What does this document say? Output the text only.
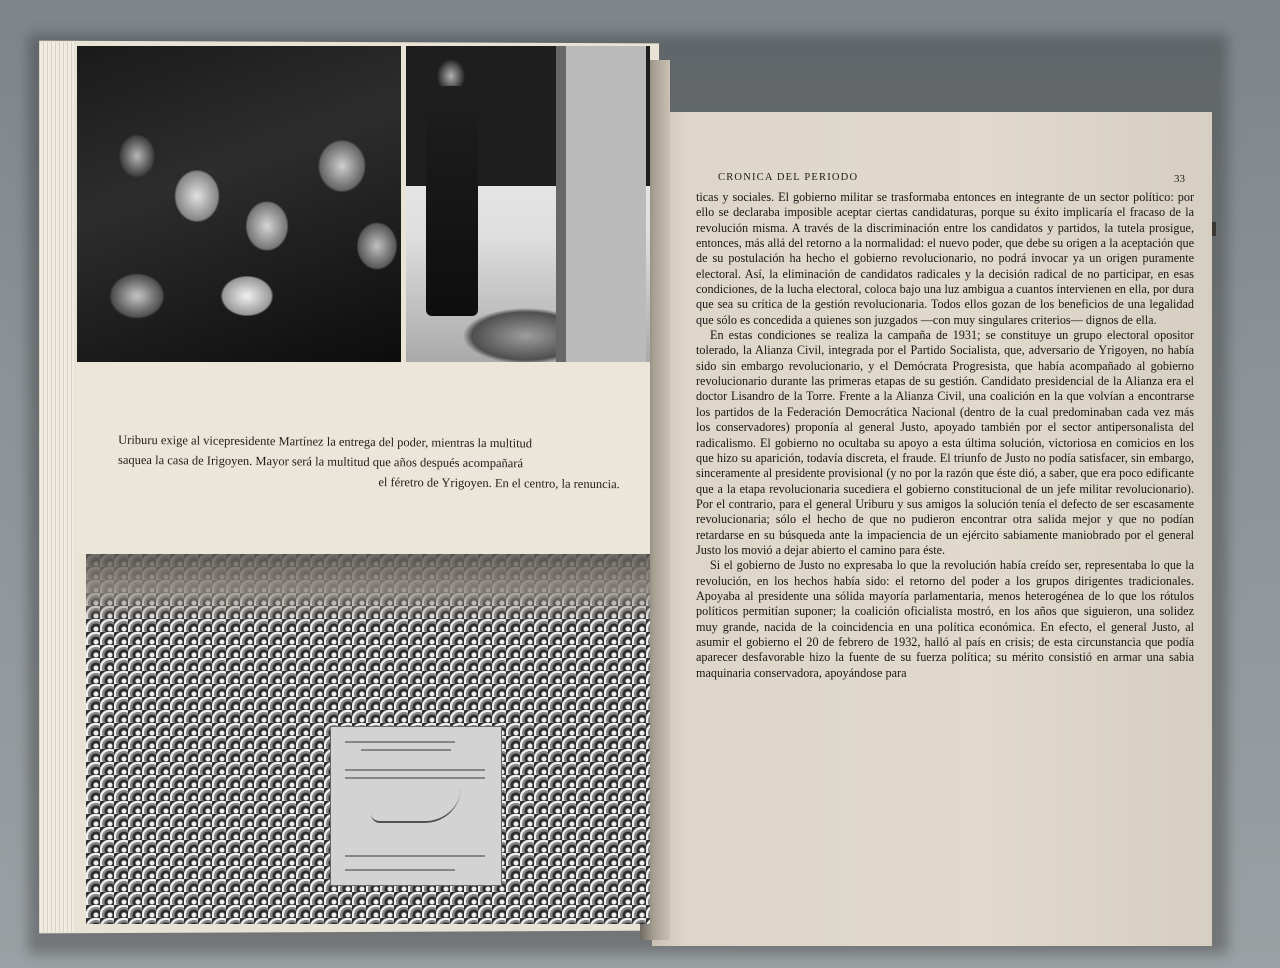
Uriburu exige al vicepresidente Martínez la entrega del poder, mientras la multitud

saquea la casa de Irigoyen. Mayor será la multitud que años después acompañará

el féretro de Yrigoyen. En el centro, la renuncia.

CRONICA DEL PERIODO	33

ticas y sociales. El gobierno militar se trasformaba entonces en integrante de un sector político: por ello se declaraba imposible aceptar ciertas candidaturas, porque su éxito implicaría el fracaso de la revolución misma. A través de la discriminación entre los candidatos y partidos, la tutela prosigue, entonces, más allá del retorno a la normalidad: el nuevo poder, que debe su origen a la aceptación que de su postulación ha hecho el gobierno revolucionario, no podrá invocar ya un origen puramente electoral. Así, la eliminación de candidatos radicales y la decisión radical de no participar, en esas condiciones, de la lucha electoral, coloca bajo una luz ambigua a cuantos intervienen en ella, por dura que sea su crítica de la gestión revolucionaria. Todos ellos gozan de los beneficios de una legalidad que sólo es concedida a quienes son juzgados —con muy singulares criterios— dignos de ella.

En estas condiciones se realiza la campaña de 1931; se constituye un grupo electoral opositor tolerado, la Alianza Civil, integrada por el Partido Socialista, que, adversario de Yrigoyen, no había sido sin embargo revolucionario, y el Demócrata Progresista, que había acompañado al gobierno revolucionario durante las primeras etapas de su gestión. Candidato presidencial de la Alianza era el doctor Lisandro de la Torre. Frente a la Alianza Civil, una coalición en la que volvían a encontrarse los partidos de la Federación Democrática Nacional (dentro de la cual predominaban cada vez más los conservadores) proponía al general Justo, apoyado también por el sector antipersonalista del radicalismo. El gobierno no ocultaba su apoyo a esta última solución, victoriosa en comicios en los que hizo su aparición, todavía discreta, el fraude. El triunfo de Justo no podía satisfacer, sin embargo, sinceramente al presidente provisional (y no por la razón que éste dió, a saber, que era poco edificante que a la etapa revolucionaria sucediera el gobierno constitucional de un jefe militar revolucionario). Por el contrario, para el general Uriburu y sus amigos la solución tenía el defecto de ser escasamente revolucionaria; sólo el hecho de que no pudieron encontrar otra salida mejor y que no podían retardarse en su búsqueda ante la impaciencia de un ejército sabiamente maniobrado por el general Justo los movió a dejar abierto el camino para éste.

Si el gobierno de Justo no expresaba lo que la revolución había creído ser, representaba lo que la revolución, en los hechos había sido: el retorno del poder a los grupos dirigentes tradicionales. Apoyaba al presidente una sólida mayoría parlamentaria, menos heterogénea de lo que los rótulos políticos permitían suponer; la coalición oficialista mostró, en los años que siguieron, una solidez muy grande, nacida de la coincidencia en una política económica. En efecto, el general Justo, al asumir el gobierno el 20 de febrero de 1932, halló al país en crisis; de esta circunstancia que podía aparecer desfavorable hizo la fuente de su fuerza política; su mérito consistió en armar una sabia maquinaria conservadora, apoyándose para
